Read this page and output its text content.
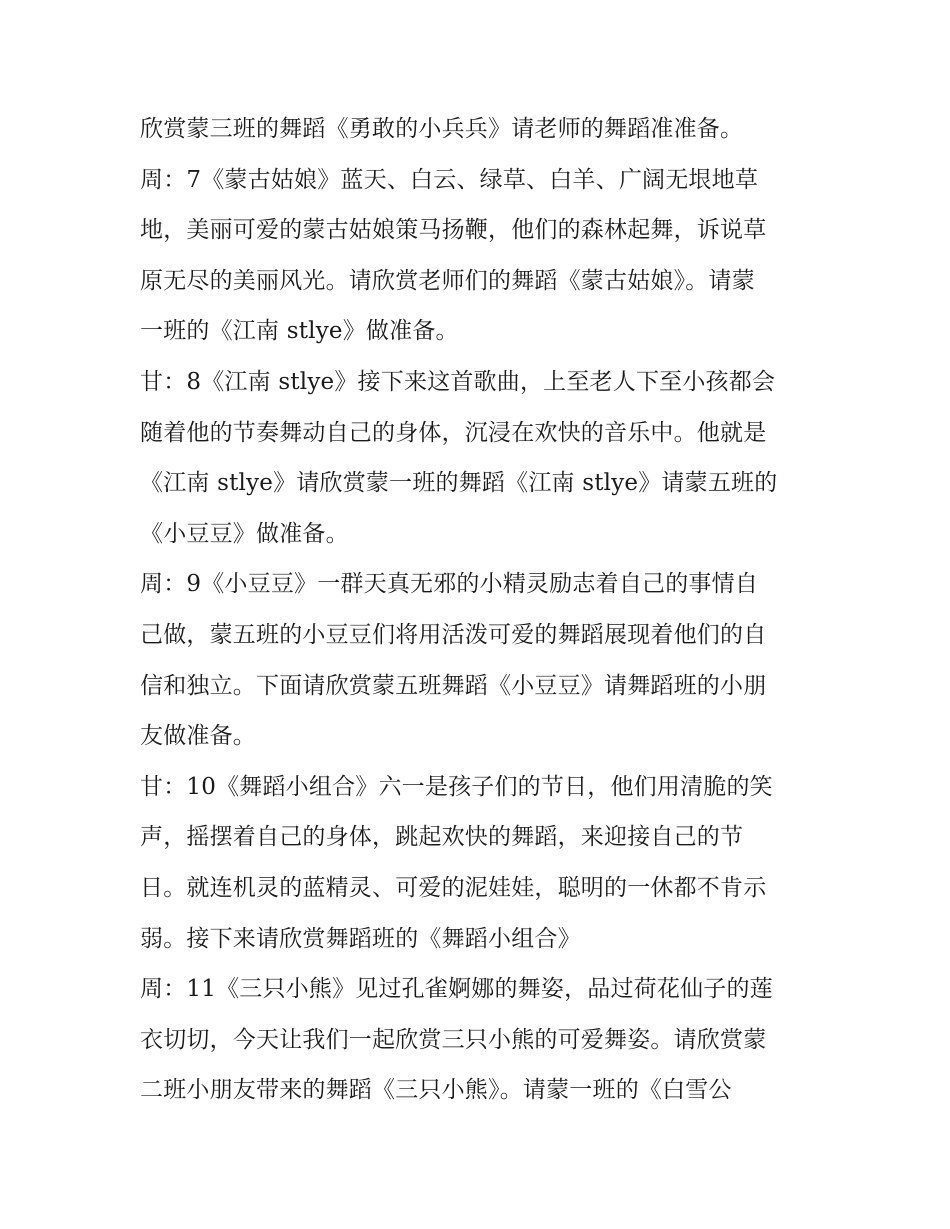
欣赏蒙三班的舞蹈《勇敢的小兵兵》请老师的舞蹈准准备。
周：7《蒙古姑娘》蓝天、白云、绿草、白羊、广阔无垠地草
地，美丽可爱的蒙古姑娘策马扬鞭，他们的森林起舞，诉说草
原无尽的美丽风光。请欣赏老师们的舞蹈《蒙古姑娘》。请蒙
一班的《江南 stlye》做准备。
甘：8《江南 stlye》接下来这首歌曲，上至老人下至小孩都会
随着他的节奏舞动自己的身体，沉浸在欢快的音乐中。他就是
《江南 stlye》请欣赏蒙一班的舞蹈《江南 stlye》请蒙五班的
《小豆豆》做准备。
周：9《小豆豆》一群天真无邪的小精灵励志着自己的事情自
己做，蒙五班的小豆豆们将用活泼可爱的舞蹈展现着他们的自
信和独立。下面请欣赏蒙五班舞蹈《小豆豆》请舞蹈班的小朋
友做准备。
甘：10《舞蹈小组合》六一是孩子们的节日，他们用清脆的笑
声，摇摆着自己的身体，跳起欢快的舞蹈，来迎接自己的节
日。就连机灵的蓝精灵、可爱的泥娃娃，聪明的一休都不肯示
弱。接下来请欣赏舞蹈班的《舞蹈小组合》
周：11《三只小熊》见过孔雀婀娜的舞姿，品过荷花仙子的莲
衣切切，今天让我们一起欣赏三只小熊的可爱舞姿。请欣赏蒙
二班小朋友带来的舞蹈《三只小熊》。请蒙一班的《白雪公
